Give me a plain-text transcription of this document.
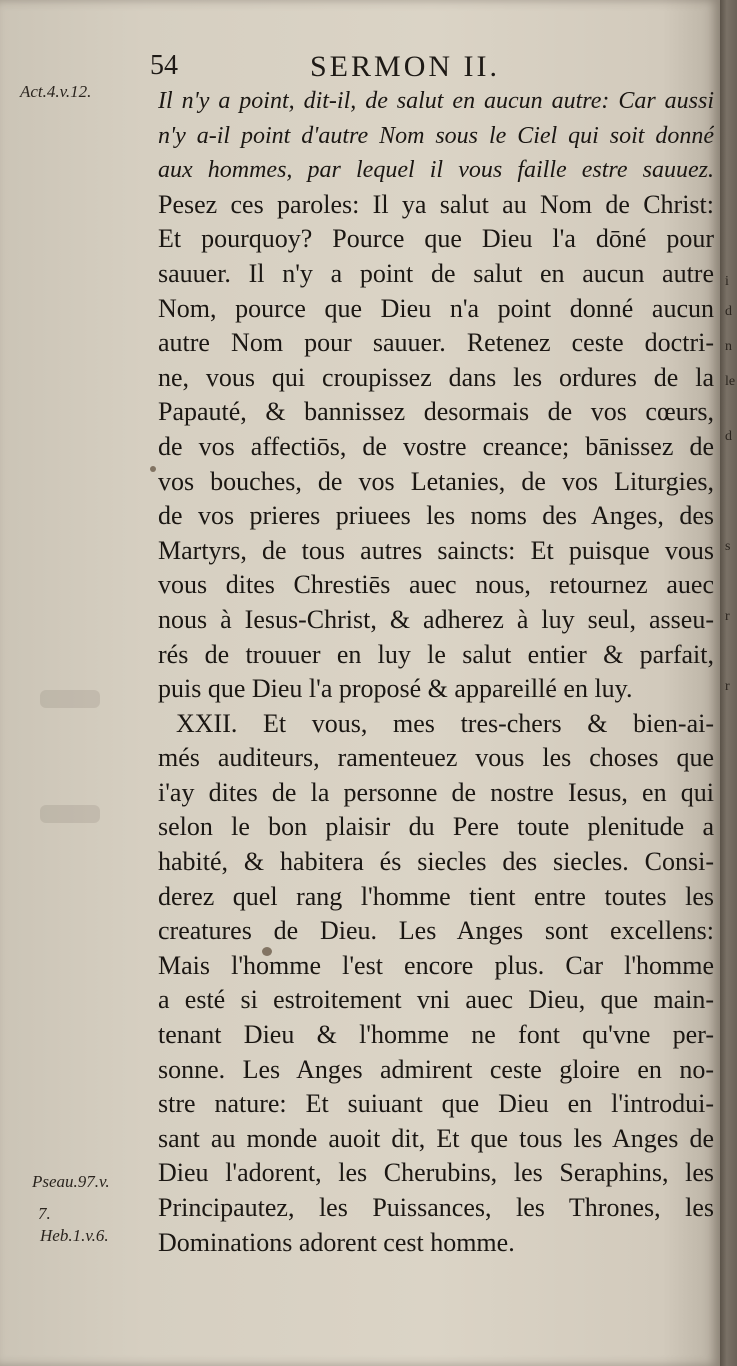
54	SERMON II.
Act.4.v.12.
Pseau.97.v.
7.
Heb.1.v.6.
Il n'y a point, dit-il, de salut en aucun autre: Car aussi
n'y a-il point d'autre Nom sous le Ciel qui soit donné
aux hommes, par lequel il vous faille estre sauuez.
Pesez ces paroles: Il ya salut au Nom de Christ:
Et pourquoy? Pource que Dieu l'a dōné pour
sauuer. Il n'y a point de salut en aucun autre
Nom, pource que Dieu n'a point donné aucun
autre Nom pour sauuer. Retenez ceste doctri-
ne, vous qui croupissez dans les ordures de la
Papauté, & bannissez desormais de vos cœurs,
de vos affectiōs, de vostre creance; bānissez de
vos bouches, de vos Letanies, de vos Liturgies,
de vos prieres priuees les noms des Anges, des
Martyrs, de tous autres saincts: Et puisque vous
vous dites Chrestiēs auec nous, retournez auec
nous à Iesus-Christ, & adherez à luy seul, asseu-
rés de trouuer en luy le salut entier & parfait,
puis que Dieu l'a proposé & appareillé en luy.
XXII. Et vous, mes tres-chers & bien-ai-
més auditeurs, ramenteuez vous les choses que
i'ay dites de la personne de nostre Iesus, en qui
selon le bon plaisir du Pere toute plenitude a
habité, & habitera és siecles des siecles. Consi-
derez quel rang l'homme tient entre toutes les
creatures de Dieu. Les Anges sont excellens:
Mais l'homme l'est encore plus. Car l'homme
a esté si estroitement vni auec Dieu, que main-
tenant Dieu & l'homme ne font qu'vne per-
sonne. Les Anges admirent ceste gloire en no-
stre nature: Et suiuant que Dieu en l'introdui-
sant au monde auoit dit, Et que tous les Anges de
Dieu l'adorent, les Cherubins, les Seraphins, les
Principautez, les Puissances, les Thrones, les
Dominations adorent cest homme.
i
d
n
le
d
s
r
r
